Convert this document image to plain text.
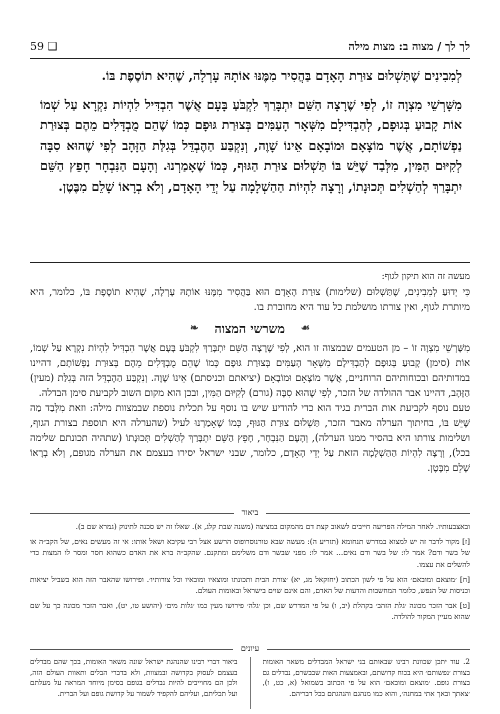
לך לך / מצוה ב: מצות מילה
59 ❑

לְמִבִינִים שֶׁתַּשְׁלוּם צוּרַת הָאָדָם בַּהֲסִיר מִמֶּנּוּ אוֹתָהּ עָרְלָה, שֶׁהִיא תוֹסֶפֶת בּוֹ.

מִשָּׁרְשֵׁי מִצְוָה זוֹ, לְפִי שֶׁרָצָה הַשֵּׁם יִתְבָּרַךְ לִקְבֹּעַ בָּעָם אֲשֶׁר הִבְדִּיל לִהְיוֹת נִקְרָא עַל שְׁמוֹ אוֹת קָבוּעַ בְּגוּפָם, לְהַבְדִּילָם מִשְּׁאָר הָעַמִּים בְּצוּרַת גּוּפָם כְּמוֹ שֶׁהֵם מֻבְדָּלִים מֵהֶם בְּצוּרַת נַפְשׁוֹתָם, אֲשֶׁר מוֹצָאָם וּמוֹבָאָם אֵינוֹ שָׁוֶה, וְנִקְבַּע הַהֶבְדֵּל בְּגִלַּת הַזָּהָב לְפִי שֶׁהוּא סִבָּה לְקִיּוּם הַמִּין, מִלְּבַד שֶׁיֵּשׁ בּוֹ תַּשְׁלוּם צוּרַת הַגּוּף, כְּמוֹ שֶׁאָמַרְנוּ. וְהָעָם הַנִּבְחָר חָפֵץ הַשֵּׁם יִתְבָּרַךְ לְהַשְׁלִים תְּכוּנָתוֹ, וְרָצָה לִהְיוֹת הַהַשְׁלָמָה עַל יְדֵי הָאָדָם, וְלֹא בְרָאוֹ שָׁלֵם מִבֶּטֶן.

מעשה זה הוא תיקון לגוף:

כִּי יְדוּעַ לְמִבִינִים, שֶׁתַּשְׁלוּם (שלימות) צוּרַת הָאָדָם הוּא בַּהֲסִיר מִמֶּנּוּ אוֹתָהּ עָרְלָה, שֶׁהִיא תוֹסֶפֶת בּוֹ, כלומר, היא מיותרת לגוף, ואין צורתו מושלמת כל עוד היא מחוברת בו.

☙
משרשי המצוה
❧

מִשָּׁרְשֵׁי מִצְוָה זוֹ – מן הטעמים שבמצוה זו הוא, לְפִי שֶׁרָצָה הַשֵּׁם יִתְבָּרַךְ לִקְבֹּעַ בָּעָם אֲשֶׁר הִבְדִּיל לִהְיוֹת נִקְרָא עַל שְׁמוֹ, אוֹת (סימן) קָבוּעַ בְּגוּפָם לְהַבְדִּילָם מִשְּׁאָר הָעַמִּים בְּצוּרַת גּוּפָם כְּמוֹ שֶׁהֵם מֻבְדָּלִים מֵהֶם בְּצוּרַת נַפְשׁוֹתָם, דהיינו במדותיהם ובכוחותיהם הרוחניים, אֲשֶׁר מוֹצָאָם וּמוֹבָאָם (יציאתם וכניסתם) אֵינוֹ שָׁוֶה. וְנִקְבַּע הַהֶבְדֵּל הזה בְּגִלַּת (מעין) הַזָּהָב, דהיינו אבר ההולדה של הזכר, לְפִי שֶׁהוּא סִבָּה (גורם) לְקִיּוּם הַמִּין, ובכן הוא מקום השוב לקביעת סימן הבדלה.

טעם נוסף לקביעת אות הברית בגיד הוא כדי להודיע שיש בו נוסף על תכלית נוספת שבמצוות מילה: וזאת מִלְּבַד מַה שֶּׁיֵּשׁ בּוֹ, בחיתוך הערלה מאבר הזכר, תַּשְׁלוּם צוּרַת הַגּוּף, כְּמוֹ שֶׁאָמַרְנוּ לעיל (שהערלה היא תוספת בצורת הגוף, ושלימות צורתו היא בהסיר ממנו הערלה), וְהָעָם הַנִּבְחָר, חָפֵץ הַשֵּׁם יִתְבָּרַךְ לְהַשְׁלִים תְּכוּנָתוֹ (שתהיה תכונתם שלימה בכל), וְרָצָה לִהְיוֹת הַהַשְׁלָמָה הזאת עַל יְדֵי הָאָדָם, כלומר, שבני ישראל יסירו בעצמם את הערלה מגופם, וְלֹא בְרָאוֹ שָׁלֵם מִבֶּטֶן.

ביאור

ובאצבעותיו. לאחר המילה הפריעה חייבים לשאוב קצת דם מהמקום במציצה (משנה שבת קלג, א). שאלו זה יש סכנה לתינוק (גמרא שם ב).

[ז] מקור לדבר זה יש למצוא במדרש תנחומא (תזריע ה): מעשה שבא טורנוסרופוס הרשע אצל רבי עקיבא ושאל אותו: אי זה מעשים נאים, של הקב״ה או של בשר ודם? אמר לו: של בשר ודם נאים... אמר לו: מפני שבשר ודם משלימם ומתקנם. שהקב״ה ברא את האדם כשהוא חסר ומסר לו המצות כדי להשלים את עצמו.

[ח] ׳מוצאם ומובאם׳ הוא על פי לשון הכתוב (יחזקאל מג, יא) ׳צורת הבית ותכונתו ומוצאיו ומובאיו וכל צורותיו׳. ופירושו שהאבר הזה הוא בשביל יציאות וכניסות של הנפש, כלומר המחשבות והדעות של האדם, והם אינם שוים בישראל ובאומות העולם.

[ט] אבר הזכר מכונה ׳גלת הזהב׳ בקהלת (יב, ו) על פי המדרש שם, וכן ׳גלה׳ פירושו מעין כמו ׳גלות מים׳ (יהושע טו, יט), ואבר הזכר מכונה כך על שם שהוא מעיין המקור להולדה.

עיונים
2. עוד יתכן שכוונת רבינו שבאותם בני ישראל המבדלים משאר האומות בצורת ׳נפשותם׳ היא בכוח קדושתם, ובאמצעות האות שבבשרם, נבדלים גם בצורת גופם. ׳מוצאם ומובאם׳ הוא על פי הכתוב בשמואל (א, כט, ו), ׳צאתך ובאך אתי במחנה׳, והוא כמו מנהגם והנהגתם בכל דבריהם.
ביאור דברי רבינו שהנהגת ישראל שונה משאר האומות, בכך שהם מבדלים בעצמם לעסוק בקדושה ובמצוות, ולא בדברי הבלים ותאוות העולם הזה, ולכן הם מחוייבים להיות נבדלים בגופם בסימן מיוחד המראה על מעלתם ועל תכליתם, ועליהם להקפיד לשמור על קדושת גופם ועל הברית.
